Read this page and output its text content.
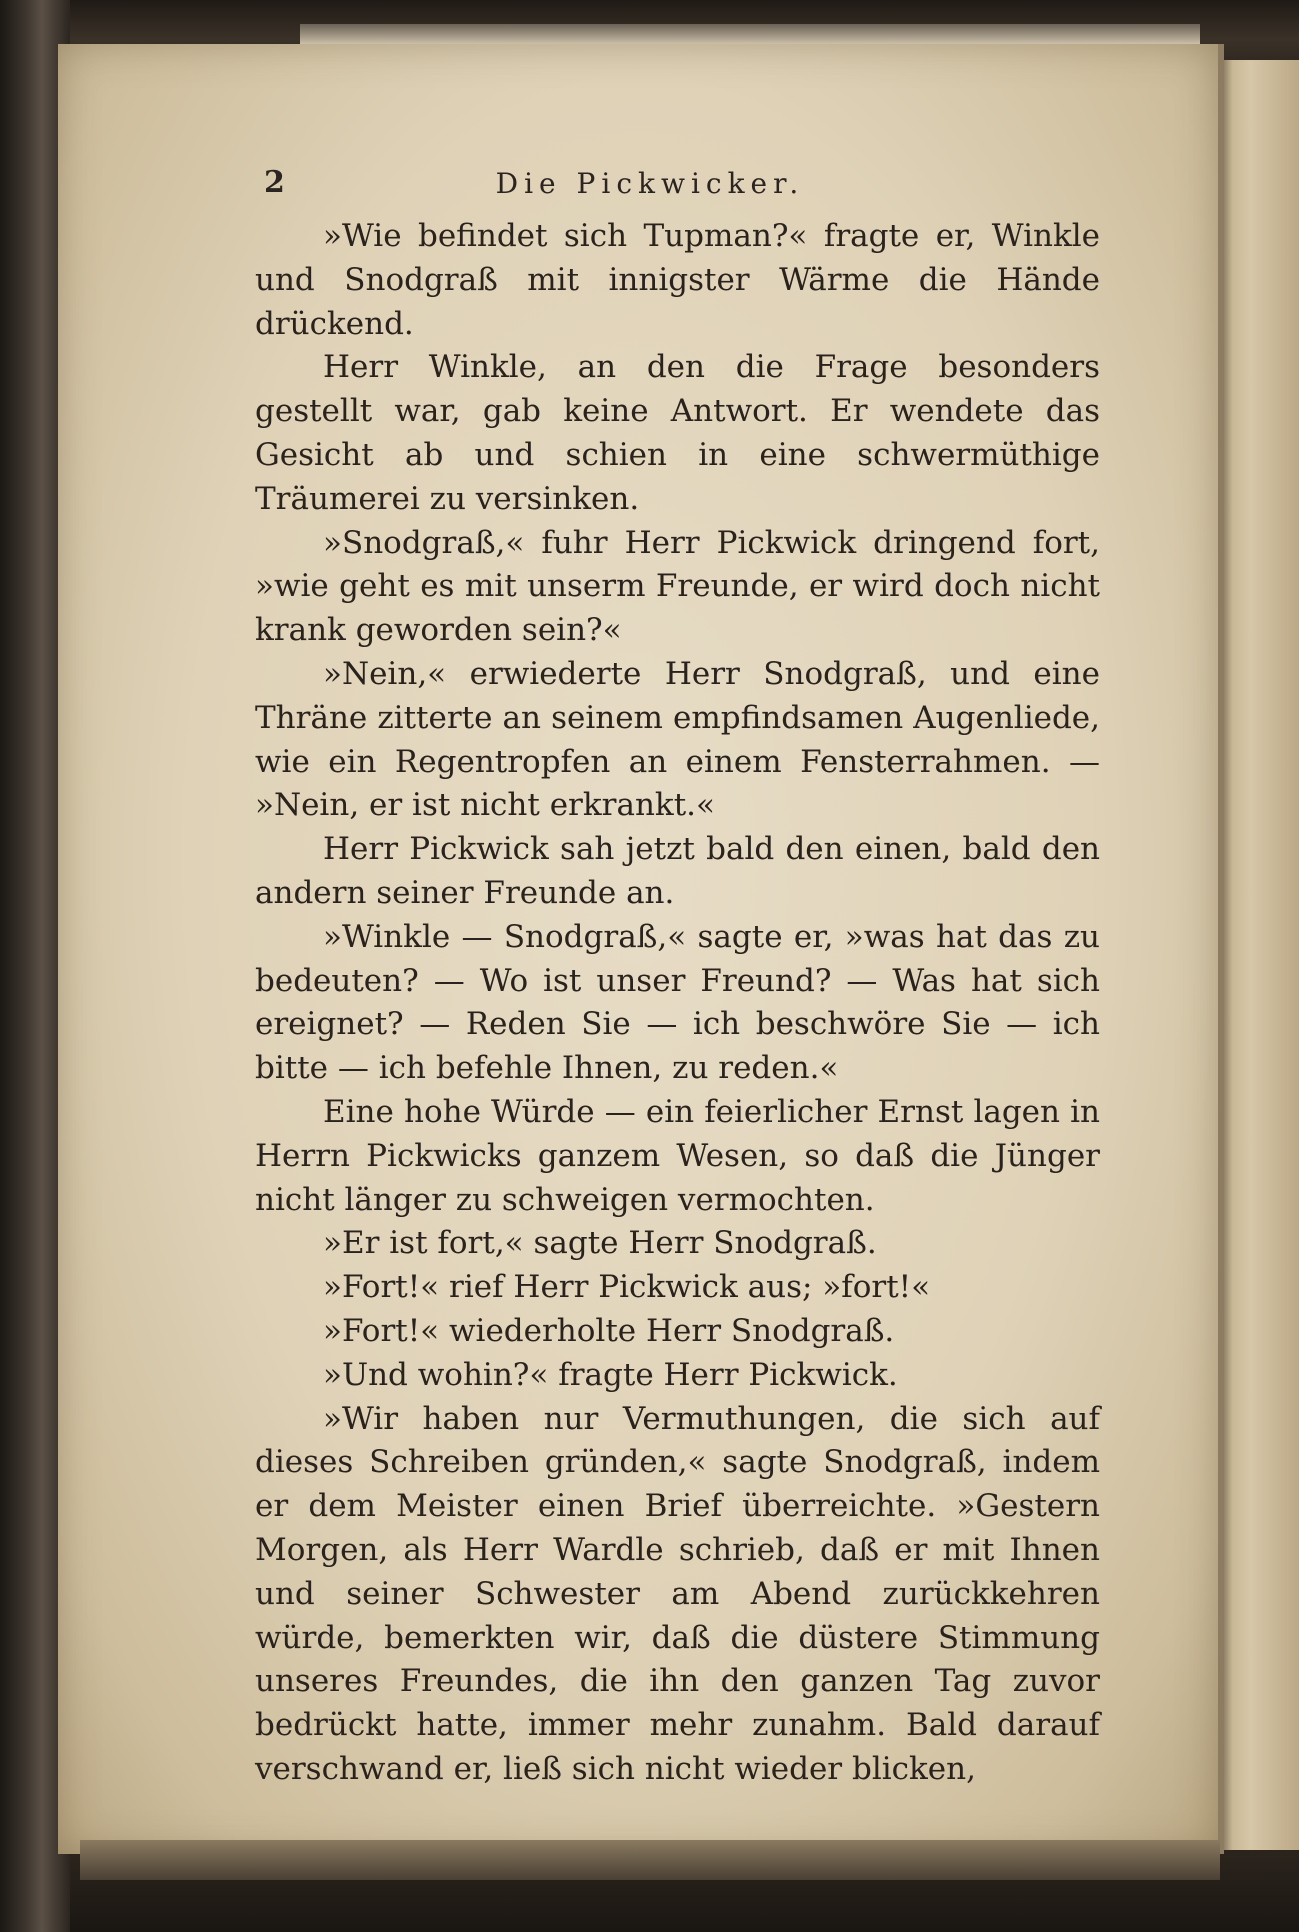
2	Die Pickwicker.

»Wie befindet sich Tupman?« fragte er, Winkle und Snodgraß mit innigster Wärme die Hände drückend.

Herr Winkle, an den die Frage besonders gestellt war, gab keine Antwort. Er wendete das Gesicht ab und schien in eine schwermüthige Träumerei zu versinken.

»Snodgraß,« fuhr Herr Pickwick dringend fort, »wie geht es mit unserm Freunde, er wird doch nicht krank geworden sein?«

»Nein,« erwiederte Herr Snodgraß, und eine Thräne zitterte an seinem empfindsamen Augenliede, wie ein Regentropfen an einem Fensterrahmen. — »Nein, er ist nicht erkrankt.«

Herr Pickwick sah jetzt bald den einen, bald den andern seiner Freunde an.

»Winkle — Snodgraß,« sagte er, »was hat das zu bedeuten? — Wo ist unser Freund? — Was hat sich ereignet? — Reden Sie — ich beschwöre Sie — ich bitte — ich befehle Ihnen, zu reden.«

Eine hohe Würde — ein feierlicher Ernst lagen in Herrn Pickwicks ganzem Wesen, so daß die Jünger nicht länger zu schweigen vermochten.

»Er ist fort,« sagte Herr Snodgraß.

»Fort!« rief Herr Pickwick aus; »fort!«

»Fort!« wiederholte Herr Snodgraß.

»Und wohin?« fragte Herr Pickwick.

»Wir haben nur Vermuthungen, die sich auf dieses Schreiben gründen,« sagte Snodgraß, indem er dem Meister einen Brief überreichte. »Gestern Morgen, als Herr Wardle schrieb, daß er mit Ihnen und seiner Schwester am Abend zurückkehren würde, bemerkten wir, daß die düstere Stimmung unseres Freundes, die ihn den ganzen Tag zuvor bedrückt hatte, immer mehr zunahm. Bald darauf verschwand er, ließ sich nicht wieder blicken,
